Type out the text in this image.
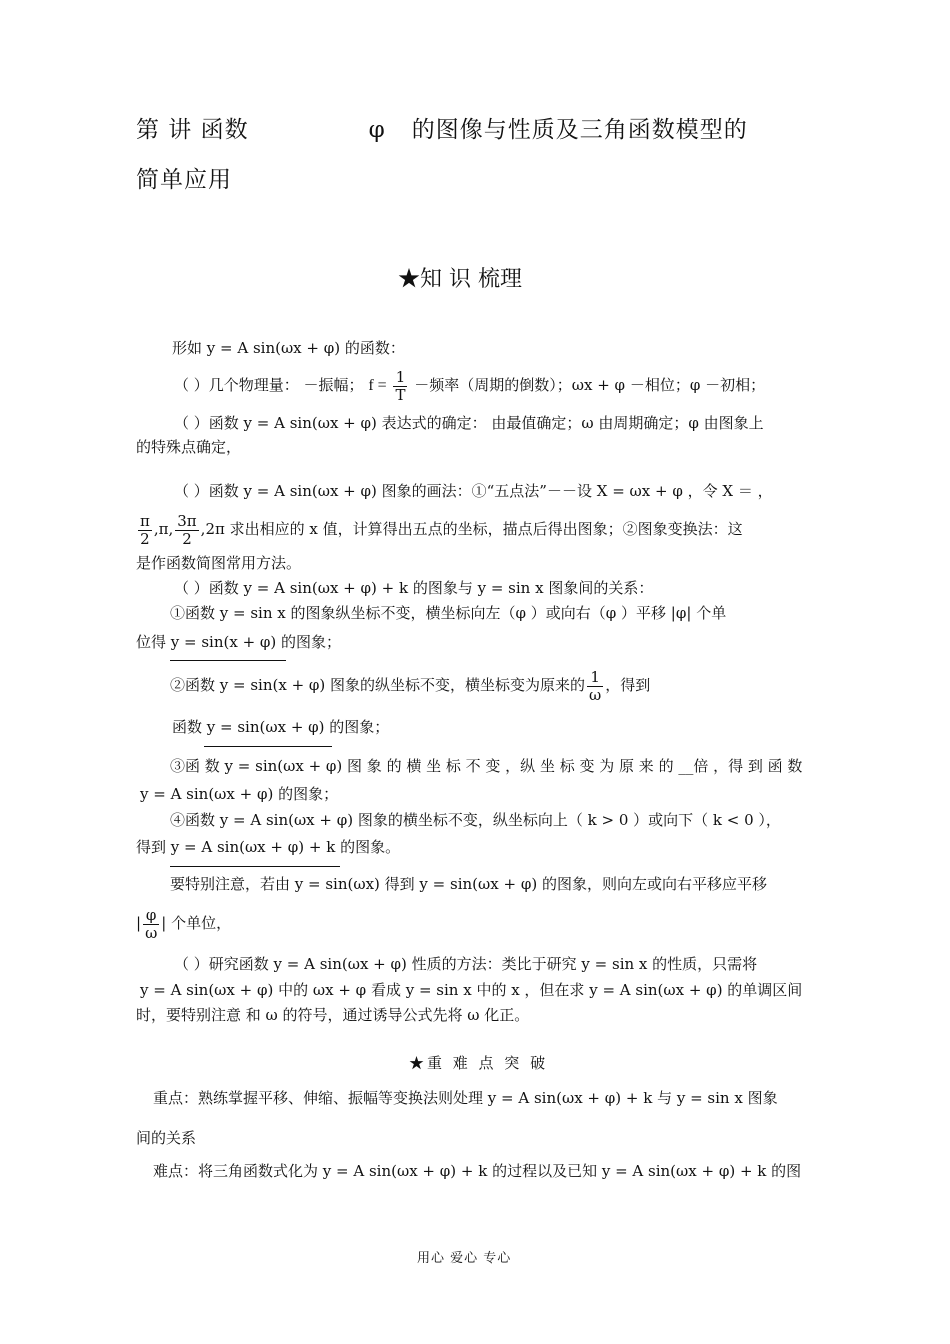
第 讲 函数	φ 的图像与性质及三角函数模型的
简单应用
★知 识 梳理
形如 y = A sin(ωx + φ) 的函数：
（ ）几个物理量： －振幅； $f = \frac{1}{T}$ －频率（周期的倒数）；ωx + φ －相位；φ －初相；
（ ）函数 y = A sin(ωx + φ) 表达式的确定： 由最值确定；ω 由周期确定；φ 由图象上
的特殊点确定，
（ ）函数 y = A sin(ωx + φ) 图象的画法：①“五点法”－－设 X = ωx + φ ，令 X ＝ ，
$\frac{\pi}{2} ,\pi$, $\frac{3\pi}{2} ,2\pi$ 求出相应的 x 值，计算得出五点的坐标，描点后得出图象；②图象变换法：这
是作函数简图常用方法。
（ ）函数 y = A sin(ωx + φ) + k 的图象与 y = sin x 图象间的关系：
①函数 y = sin x 的图象纵坐标不变，横坐标向左（φ ）或向右（φ ）平移 |φ| 个单
位得 y = sin(x + φ) 的图象；
②函数 y = sin(x + φ) 图象的纵坐标不变，横坐标变为原来的 $\frac{1}{\omega}$ ，得到
函数 y = sin(ωx + φ) 的图象；
③函 数 y = sin(ωx + φ) 图 象 的 横 坐 标 不 变 ，纵 坐 标 变 为 原 来 的 __倍 ，得 到 函 数
y = A sin(ωx + φ) 的图象；
④函数 y = A sin(ωx + φ) 图象的横坐标不变，纵坐标向上（ k > 0 ）或向下（ k < 0 ），
得到 y = A sin(ωx + φ) + k 的图象。
要特别注意，若由 y = sin(ωx) 得到 y = sin(ωx + φ) 的图象，则向左或向右平移应平移
| $\frac{\varphi}{\omega}$ | 个单位，
（ ）研究函数 y = A sin(ωx + φ) 性质的方法：类比于研究 y = sin x 的性质，只需将
y = A sin(ωx + φ) 中的 ωx + φ 看成 y = sin x 中的 x ，但在求 y = A sin(ωx + φ) 的单调区间
时，要特别注意 和 ω 的符号，通过诱导公式先将 ω 化正。
★重 难 点 突 破
重点：熟练掌握平移、伸缩、振幅等变换法则处理 y = A sin(ωx + φ) + k 与 y = sin x 图象
间的关系
难点：将三角函数式化为 y = A sin(ωx + φ) + k 的过程以及已知 y = A sin(ωx + φ) + k 的图
用心 爱心 专心
